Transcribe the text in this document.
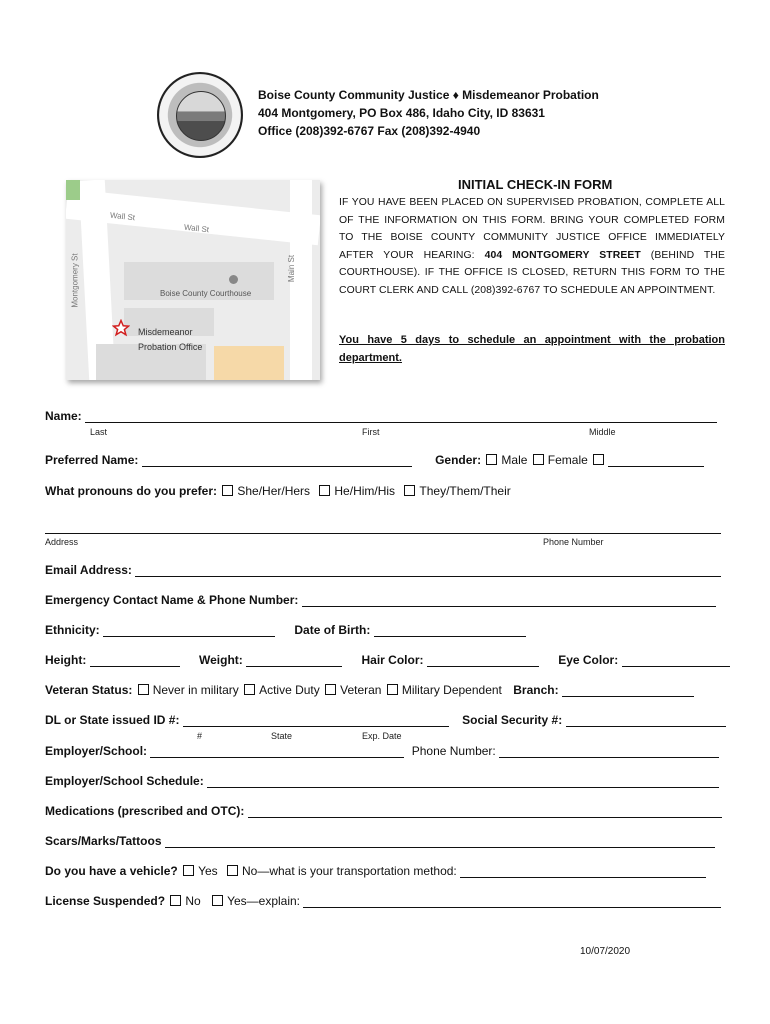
Boise County Community Justice ♦ Misdemeanor Probation
404 Montgomery, PO Box 486, Idaho City, ID 83631
Office (208)392-6767 Fax (208)392-4940
Wall St
Wall St
Montgomery St	Main St
Boise County Courthouse
Misdemeanor
Probation Office
INITIAL CHECK-IN FORM
IF YOU HAVE BEEN PLACED ON SUPERVISED PROBATION, COMPLETE ALL OF THE INFORMATION ON THIS FORM. BRING YOUR COMPLETED FORM TO THE BOISE COUNTY COMMUNITY JUSTICE OFFICE IMMEDIATELY AFTER YOUR HEARING: 404 MONTGOMERY STREET (BEHIND THE COURTHOUSE). IF THE OFFICE IS CLOSED, RETURN THIS FORM TO THE COURT CLERK AND CALL (208)392-6767 TO SCHEDULE AN APPOINTMENT.
You have 5 days to schedule an appointment with the probation department.
Name:
Last	First	Middle
Preferred Name:	Gender: Male Female
What pronouns do you prefer: She/Her/Hers He/Him/His They/Them/Their
Address	Phone Number
Email Address:
Emergency Contact Name & Phone Number:
Ethnicity:	Date of Birth:
Height:	Weight:	Hair Color:	Eye Color:
Veteran Status: Never in military Active Duty Veteran Military Dependent Branch:
DL or State issued ID #:	Social Security #:
#	State	Exp. Date
Employer/School:	Phone Number:
Employer/School Schedule:
Medications (prescribed and OTC):
Scars/Marks/Tattoos
Do you have a vehicle? Yes No—what is your transportation method:
License Suspended? No Yes—explain:
10/07/2020
